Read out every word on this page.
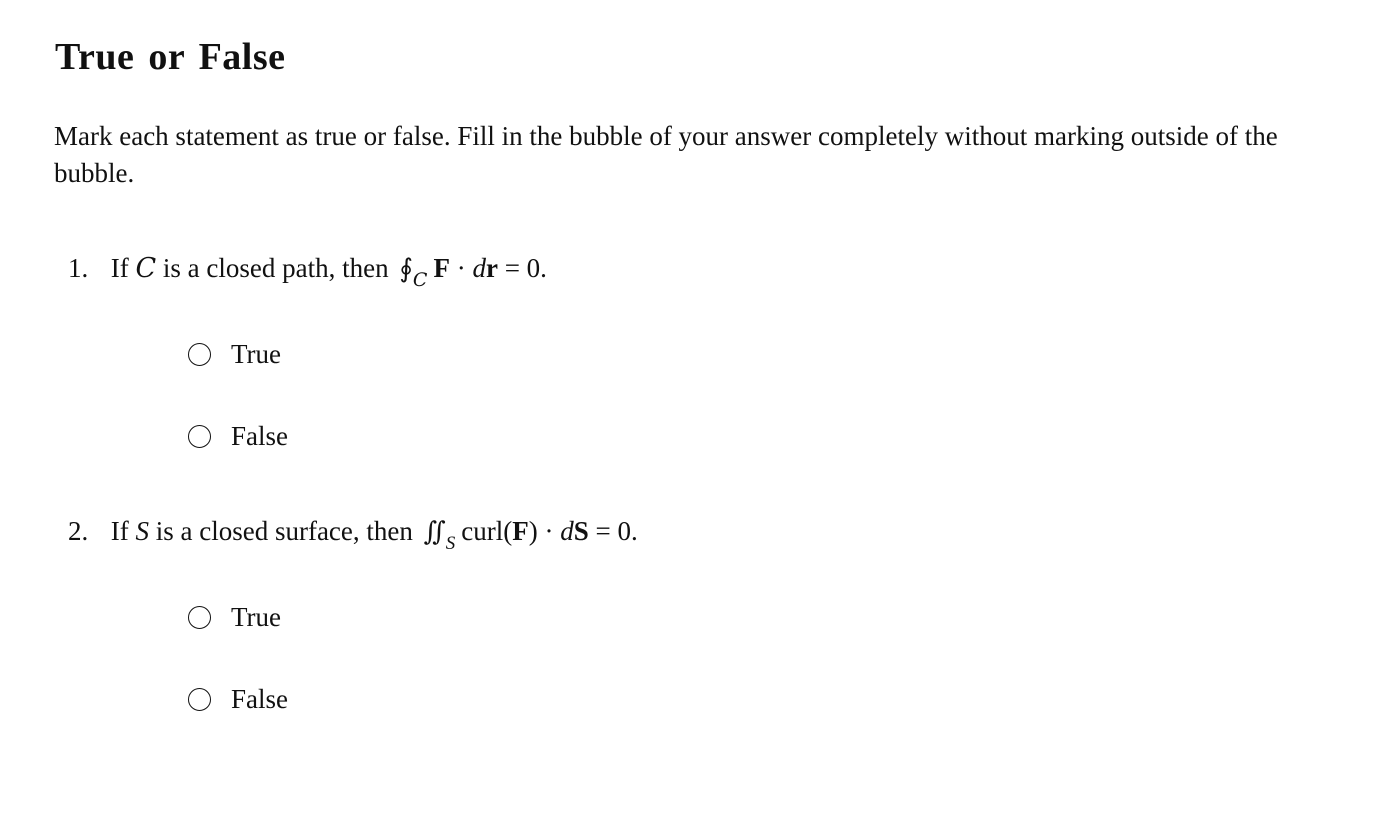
True or False

Mark each statement as true or false. Fill in the bubble of your answer completely without marking outside of the bubble.

1. If C is a closed path, then $∮_C$ F · dr = 0.
True
False
2. If S is a closed surface, then $∬_S$ curl(F) · dS = 0.
True
False
